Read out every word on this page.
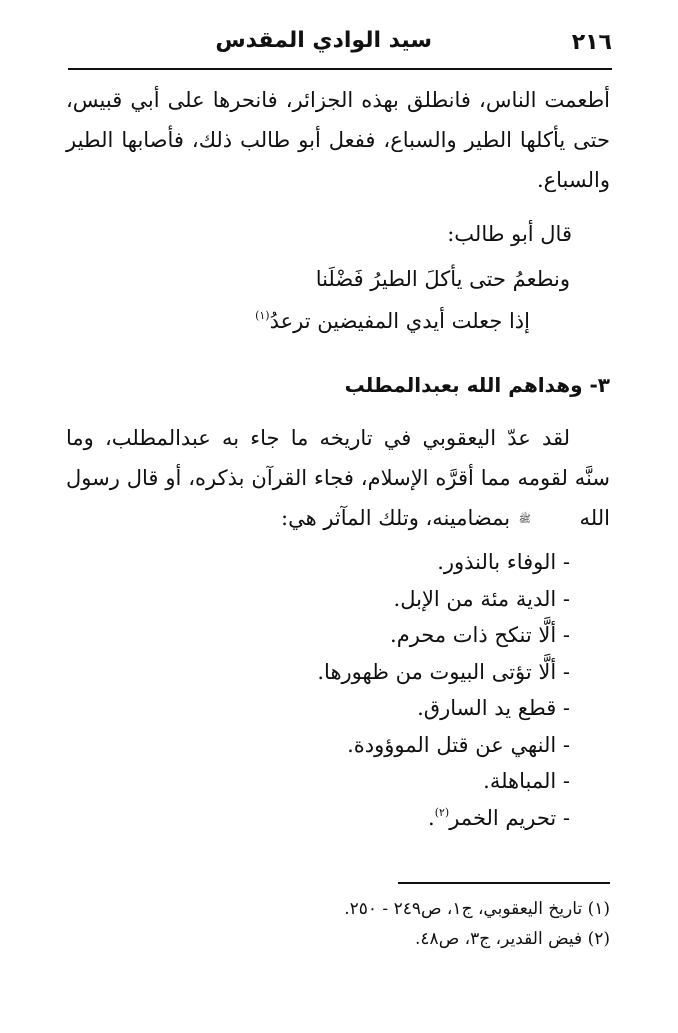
٢١٦
سيد الوادي المقدس

أطعمت الناس، فانطلق بهذه الجزائر، فانحرها على أبي قبيس، حتى يأكلها الطير والسباع، ففعل أبو طالب ذلك، فأصابها الطير والسباع.

قال أبو طالب:

ونطعمُ حتى يأكلَ الطيرُ فَضْلَنا
إذا جعلت أيدي المفيضين ترعدُ$^{(١)}$
٣- وهداهم الله بعبدالمطلب

لقد عدّ اليعقوبي في تاريخه ما جاء به عبدالمطلب، وما سنَّه لقومه مما أقرَّه الإسلام، فجاء القرآن بذكره، أو قال رسول الله ﷺ بمضامينه، وتلك المآثر هي:

- الوفاء بالنذور.
- الدية مئة من الإبل.
- ألَّا تنكح ذات محرم.
- ألَّا تؤتى البيوت من ظهورها.
- قطع يد السارق.
- النهي عن قتل الموؤودة.
- المباهلة.
- تحريم الخمر$^{(٢)}$.
(١) تاريخ اليعقوبي، ج١، ص٢٤٩ - ٢٥٠.
(٢) فيض القدير، ج٣، ص٤٨.
